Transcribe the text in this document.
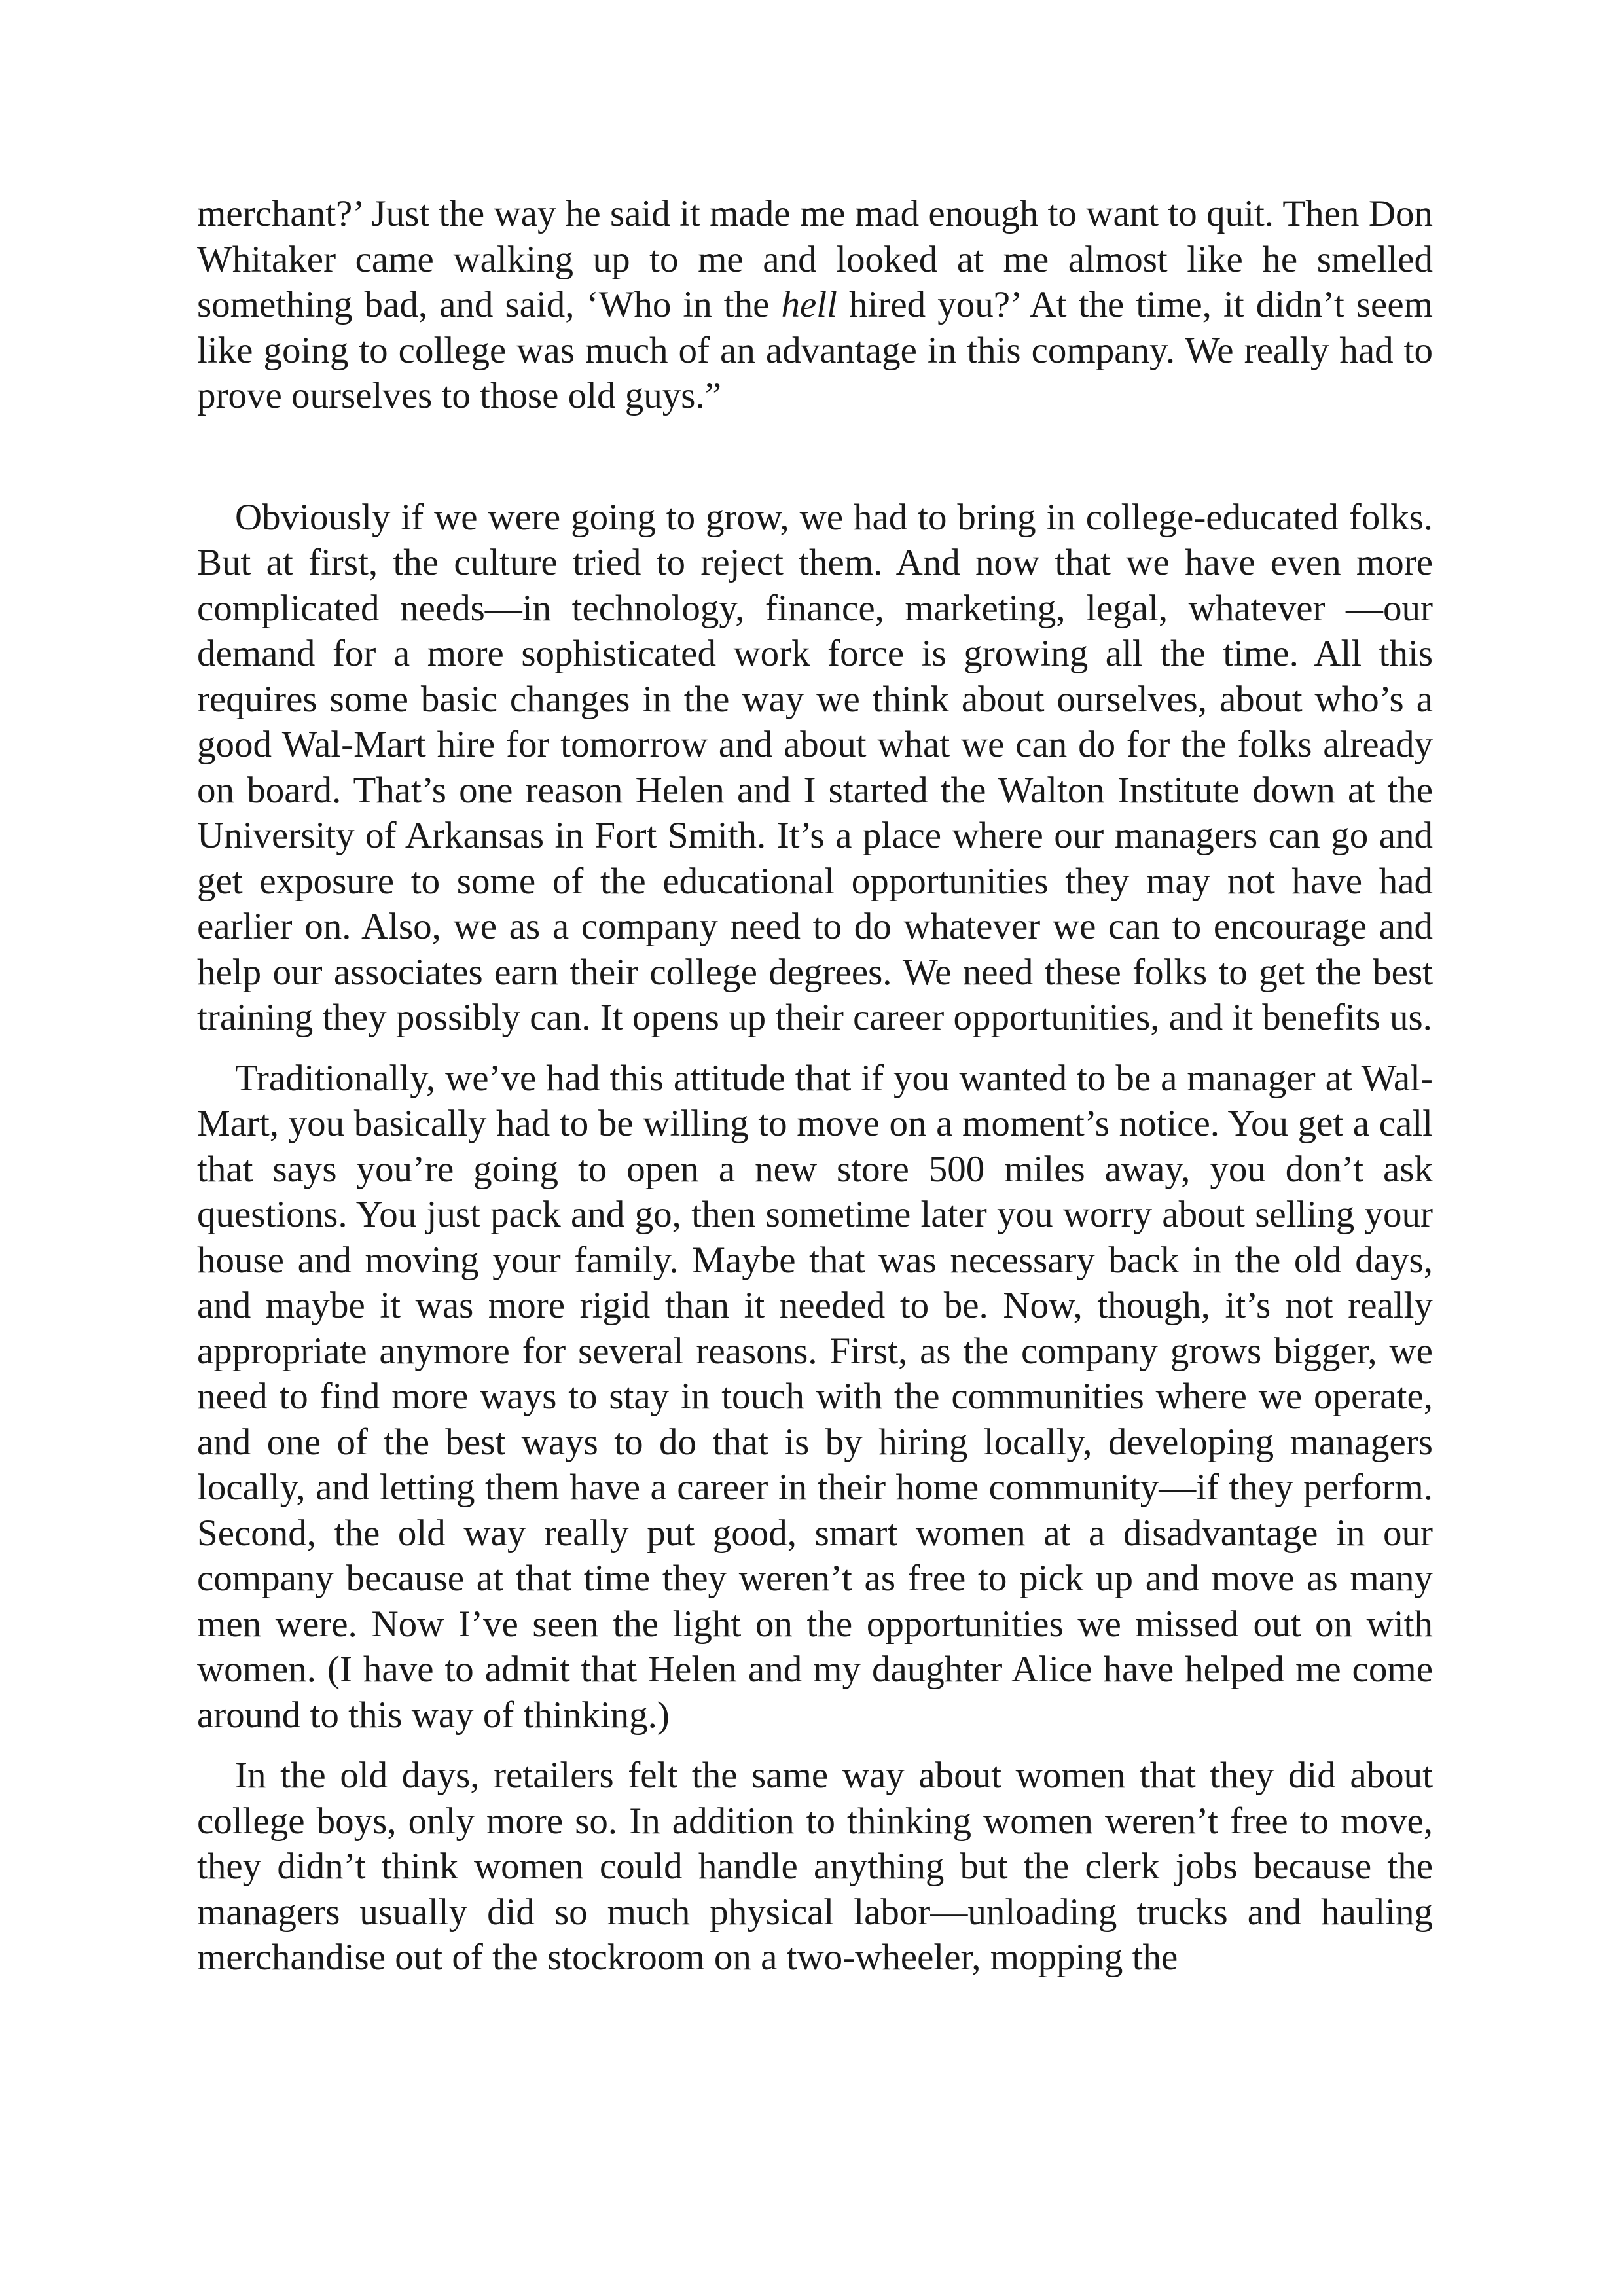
merchant?’ Just the way he said it made me mad enough to want to quit. Then Don Whitaker came walking up to me and looked at me almost like he smelled something bad, and said, ‘Who in the hell hired you?’ At the time, it didn’t seem like going to college was much of an advantage in this company. We really had to prove ourselves to those old guys.”

Obviously if we were going to grow, we had to bring in college-educated folks. But at first, the culture tried to reject them. And now that we have even more complicated needs—in technology, finance, marketing, legal, whatever —our demand for a more sophisticated work force is growing all the time. All this requires some basic changes in the way we think about ourselves, about who’s a good Wal-Mart hire for tomorrow and about what we can do for the folks already on board. That’s one reason Helen and I started the Walton Institute down at the University of Arkansas in Fort Smith. It’s a place where our managers can go and get exposure to some of the educational opportunities they may not have had earlier on. Also, we as a company need to do whatever we can to encourage and help our associates earn their college degrees. We need these folks to get the best training they possibly can. It opens up their career opportunities, and it benefits us.

Traditionally, we’ve had this attitude that if you wanted to be a manager at Wal-Mart, you basically had to be willing to move on a moment’s notice. You get a call that says you’re going to open a new store 500 miles away, you don’t ask questions. You just pack and go, then sometime later you worry about selling your house and moving your family. Maybe that was necessary back in the old days, and maybe it was more rigid than it needed to be. Now, though, it’s not really appropriate anymore for several reasons. First, as the company grows bigger, we need to find more ways to stay in touch with the communities where we operate, and one of the best ways to do that is by hiring locally, developing managers locally, and letting them have a career in their home community—if they perform. Second, the old way really put good, smart women at a disadvantage in our company because at that time they weren’t as free to pick up and move as many men were. Now I’ve seen the light on the opportunities we missed out on with women. (I have to admit that Helen and my daughter Alice have helped me come around to this way of thinking.)

In the old days, retailers felt the same way about women that they did about college boys, only more so. In addition to thinking women weren’t free to move, they didn’t think women could handle anything but the clerk jobs because the managers usually did so much physical labor—unloading trucks and hauling merchandise out of the stockroom on a two-wheeler, mopping the
